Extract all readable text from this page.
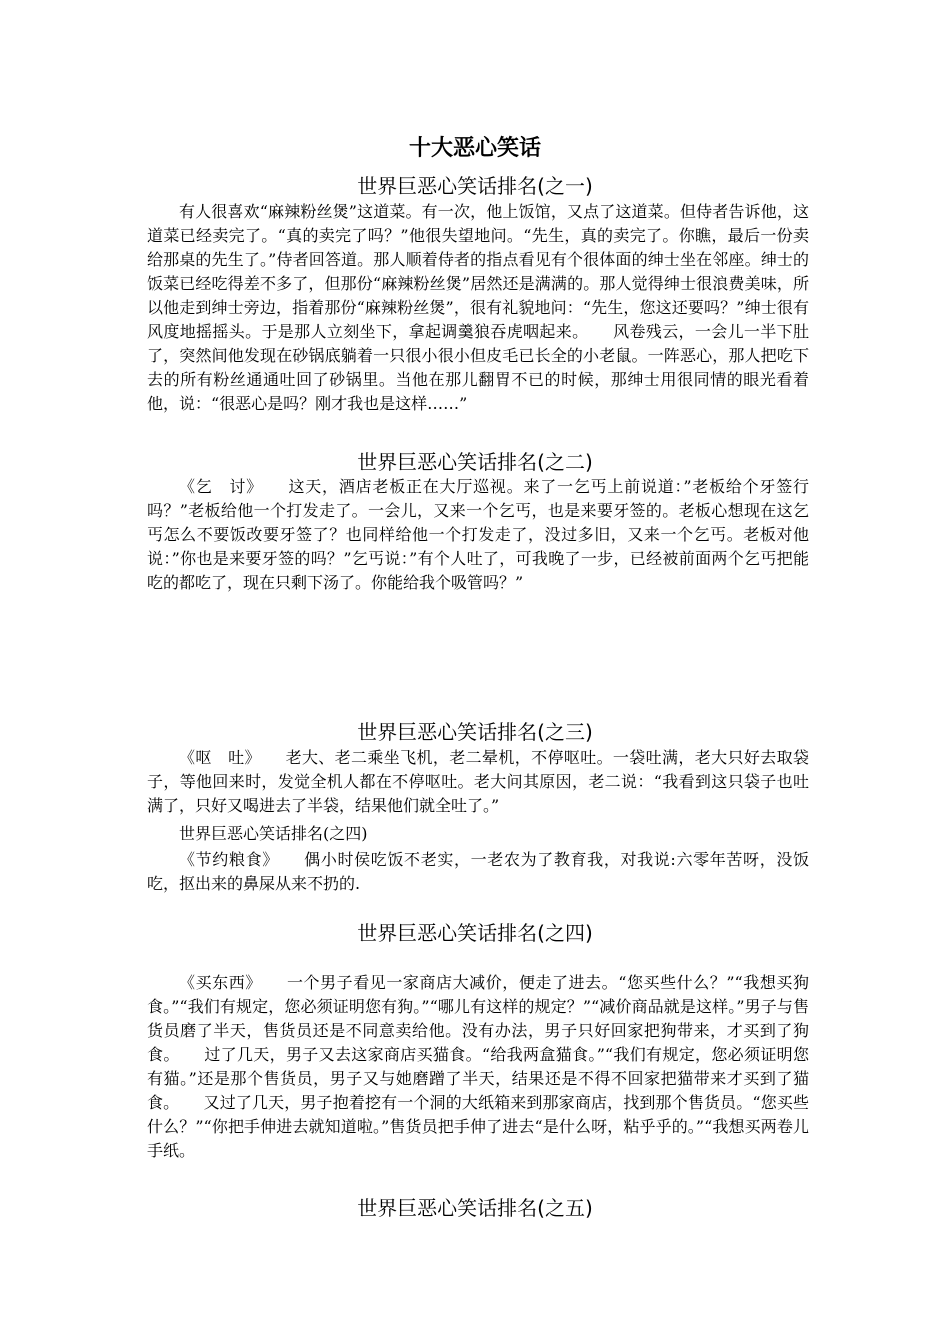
十大恶心笑话
世界巨恶心笑话排名(之一)

有人很喜欢“麻辣粉丝煲”这道菜。有一次，他上饭馆，又点了这道菜。但侍者告诉他，这道菜已经卖完了。“真的卖完了吗？”他很失望地问。“先生，真的卖完了。你瞧，最后一份卖给那桌的先生了。”侍者回答道。那人顺着侍者的指点看见有个很体面的绅士坐在邻座。绅士的饭菜已经吃得差不多了，但那份“麻辣粉丝煲”居然还是满满的。那人觉得绅士很浪费美味，所以他走到绅士旁边，指着那份“麻辣粉丝煲”，很有礼貌地问：“先生，您这还要吗？”绅士很有风度地摇摇头。于是那人立刻坐下，拿起调羹狼吞虎咽起来。　　风卷残云，一会儿一半下肚了，突然间他发现在砂锅底躺着一只很小很小但皮毛已长全的小老鼠。一阵恶心，那人把吃下去的所有粉丝通通吐回了砂锅里。当他在那儿翻胃不已的时候，那绅士用很同情的眼光看着他，说：“很恶心是吗？刚才我也是这样……”

世界巨恶心笑话排名(之二)

《乞　讨》　　这天，酒店老板正在大厅巡视。来了一乞丐上前说道：”老板给个牙签行吗？”老板给他一个打发走了。一会儿，又来一个乞丐，也是来要牙签的。老板心想现在这乞丐怎么不要饭改要牙签了？也同样给他一个打发走了，没过多旧，又来一个乞丐。老板对他说：”你也是来要牙签的吗？”乞丐说：”有个人吐了，可我晚了一步，已经被前面两个乞丐把能吃的都吃了，现在只剩下汤了。你能给我个吸管吗？”

世界巨恶心笑话排名(之三)

《呕　吐》　　老大、老二乘坐飞机，老二晕机，不停呕吐。一袋吐满，老大只好去取袋子，等他回来时，发觉全机人都在不停呕吐。老大问其原因，老二说：“我看到这只袋子也吐满了，只好又喝进去了半袋，结果他们就全吐了。”

世界巨恶心笑话排名(之四)

《节约粮食》　　偶小时侯吃饭不老实，一老农为了教育我，对我说:六零年苦呀，没饭吃，抠出来的鼻屎从来不扔的.

世界巨恶心笑话排名(之四)

《买东西》　　一个男子看见一家商店大减价，便走了进去。“您买些什么？”“我想买狗食。”“我们有规定，您必须证明您有狗。”“哪儿有这样的规定？”“减价商品就是这样。”男子与售货员磨了半天，售货员还是不同意卖给他。没有办法，男子只好回家把狗带来，才买到了狗食。　　过了几天，男子又去这家商店买猫食。“给我两盒猫食。”“我们有规定，您必须证明您有猫。”还是那个售货员，男子又与她磨蹭了半天，结果还是不得不回家把猫带来才买到了猫食。　　又过了几天，男子抱着挖有一个洞的大纸箱来到那家商店，找到那个售货员。“您买些什么？”“你把手伸进去就知道啦。”售货员把手伸了进去“是什么呀，粘乎乎的。”“我想买两卷儿手纸。

世界巨恶心笑话排名(之五)
